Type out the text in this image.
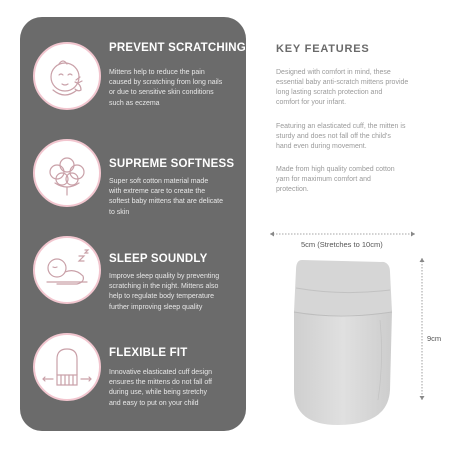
PREVENT SCRATCHING
Mittens help to reduce the pain
caused by scratching from long nails
or due to sensitive skin conditions
such as eczema
SUPREME SOFTNESS
Super soft cotton material made
with extreme care to create the
softest baby mittens that are delicate
to skin
SLEEP SOUNDLY
Improve sleep quality by preventing
scratching in the night. Mittens also
help to regulate body temperature
further improving sleep quality
FLEXIBLE FIT
Innovative elasticated cuff design
ensures the mittens do not fall off
during use, while being stretchy
and easy to put on your child
KEY FEATURES
Designed with comfort in mind, these
essential baby anti-scratch mittens provide
long lasting scratch protection and
comfort for your infant.
Featuring an elasticated cuff, the mitten is
sturdy and does not fall off the child's
hand even during movement.
Made from high quality combed cotton
yarn for maximum comfort and
protection.
5cm (Stretches to 10cm)
9cm
